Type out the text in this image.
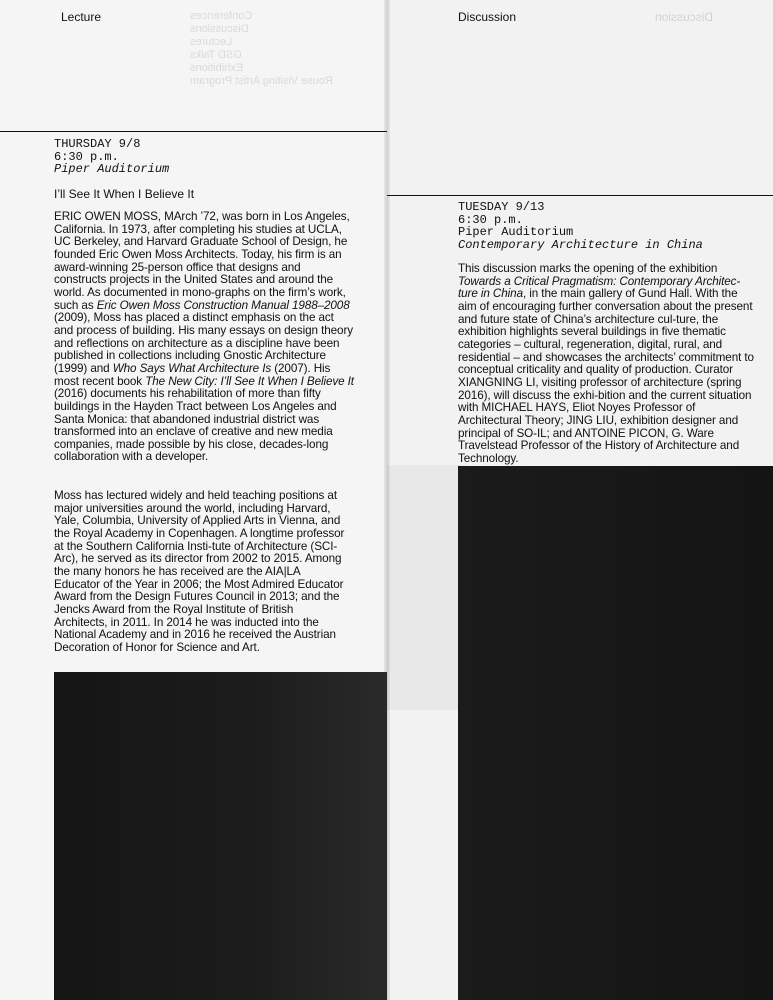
Conferences
Discussions
Lectures
GSD Talks
Exhibitions
Rouse Visiting Artist Program
Discussion
Lecture
THURSDAY 9/8
6:30 p.m.
Piper Auditorium
I’ll See It When I Believe It

ERIC OWEN MOSS, MArch ’72, was born in Los Angeles, California. In 1973, after completing his studies at UCLA, UC Berkeley, and Harvard Graduate School of Design, he founded Eric Owen Moss Architects. Today, his firm is an award-winning 25-person office that designs and constructs projects in the United States and around the world. As documented in mono-graphs on the firm’s work, such as Eric Owen Moss Construction Manual 1988–2008 (2009), Moss has placed a distinct emphasis on the act and process of building. His many essays on design theory and reflections on architecture as a discipline have been published in collections including Gnostic Architecture (1999) and Who Says What Architecture Is (2007). His most recent book The New City: I’ll See It When I Believe It (2016) documents his rehabilitation of more than fifty buildings in the Hayden Tract between Los Angeles and Santa Monica: that abandoned industrial district was transformed into an enclave of creative and new media companies, made possible by his close, decades-long collaboration with a developer.

Moss has lectured widely and held teaching positions at major universities around the world, including Harvard, Yale, Columbia, University of Applied Arts in Vienna, and the Royal Academy in Copenhagen. A longtime professor at the Southern California Insti-tute of Architecture (SCI-Arc), he served as its director from 2002 to 2015. Among the many honors he has received are the AIA|LA Educator of the Year in 2006; the Most Admired Educator Award from the Design Futures Council in 2013; and the Jencks Award from the Royal Institute of British Architects, in 2011. In 2014 he was inducted into the National Academy and in 2016 he received the Austrian Decoration of Honor for Science and Art.

Discussion
TUESDAY 9/13
6:30 p.m.
Piper Auditorium
Contemporary Architecture in China

This discussion marks the opening of the exhibition Towards a Critical Pragmatism: Contemporary Architec-ture in China, in the main gallery of Gund Hall. With the aim of encouraging further conversation about the present and future state of China’s architecture cul-ture, the exhibition highlights several buildings in five thematic categories – cultural, regeneration, digital, rural, and residential – and showcases the architects’ commitment to conceptual criticality and quality of production. Curator XIANGNING LI, visiting professor of architecture (spring 2016), will discuss the exhi-bition and the current situation with MICHAEL HAYS, Eliot Noyes Professor of Architectural Theory; JING LIU, exhibition designer and principal of SO-IL; and ANTOINE PICON, G. Ware Travelstead Professor of the History of Architecture and Technology.
